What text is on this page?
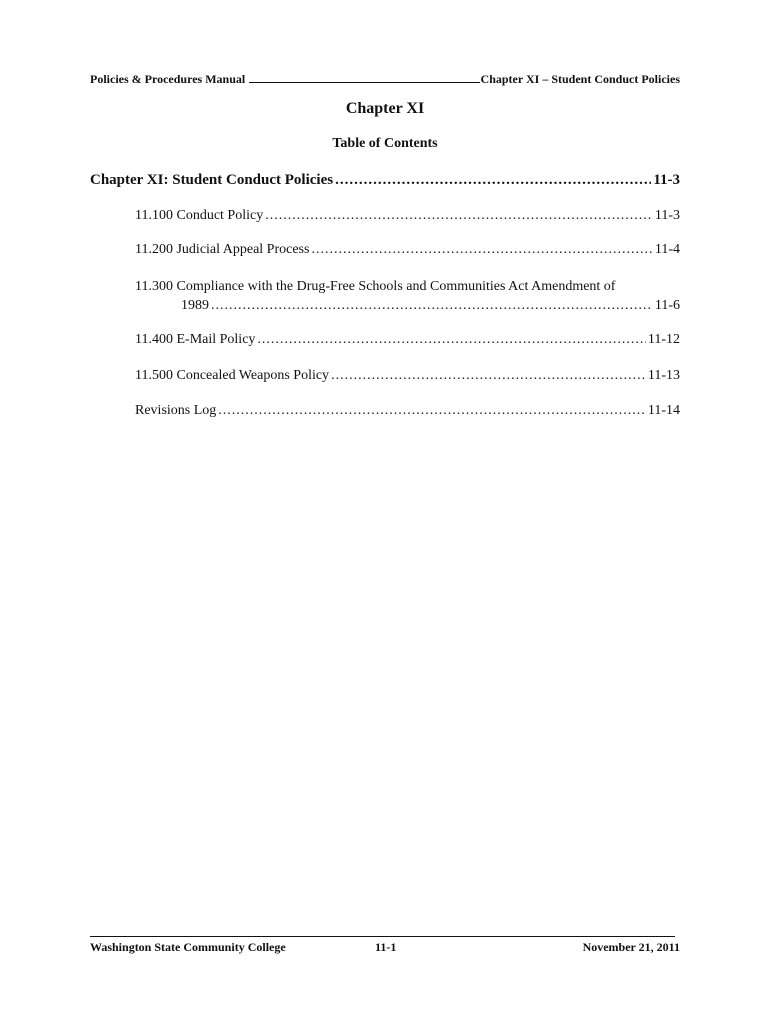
Policies & Procedures Manual	Chapter XI – Student Conduct Policies
Chapter XI
Table of Contents
Chapter XI: Student Conduct Policies .....	11-3
11.100 Conduct Policy .....	11-3
11.200 Judicial Appeal Process .....	11-4
11.300 Compliance with the Drug-Free Schools and Communities Act Amendment of
1989 .....	11-6
11.400 E-Mail Policy .....	11-12
11.500 Concealed Weapons Policy .....	11-13
Revisions Log .....	11-14
Washington State Community College	11-1	November 21, 2011
